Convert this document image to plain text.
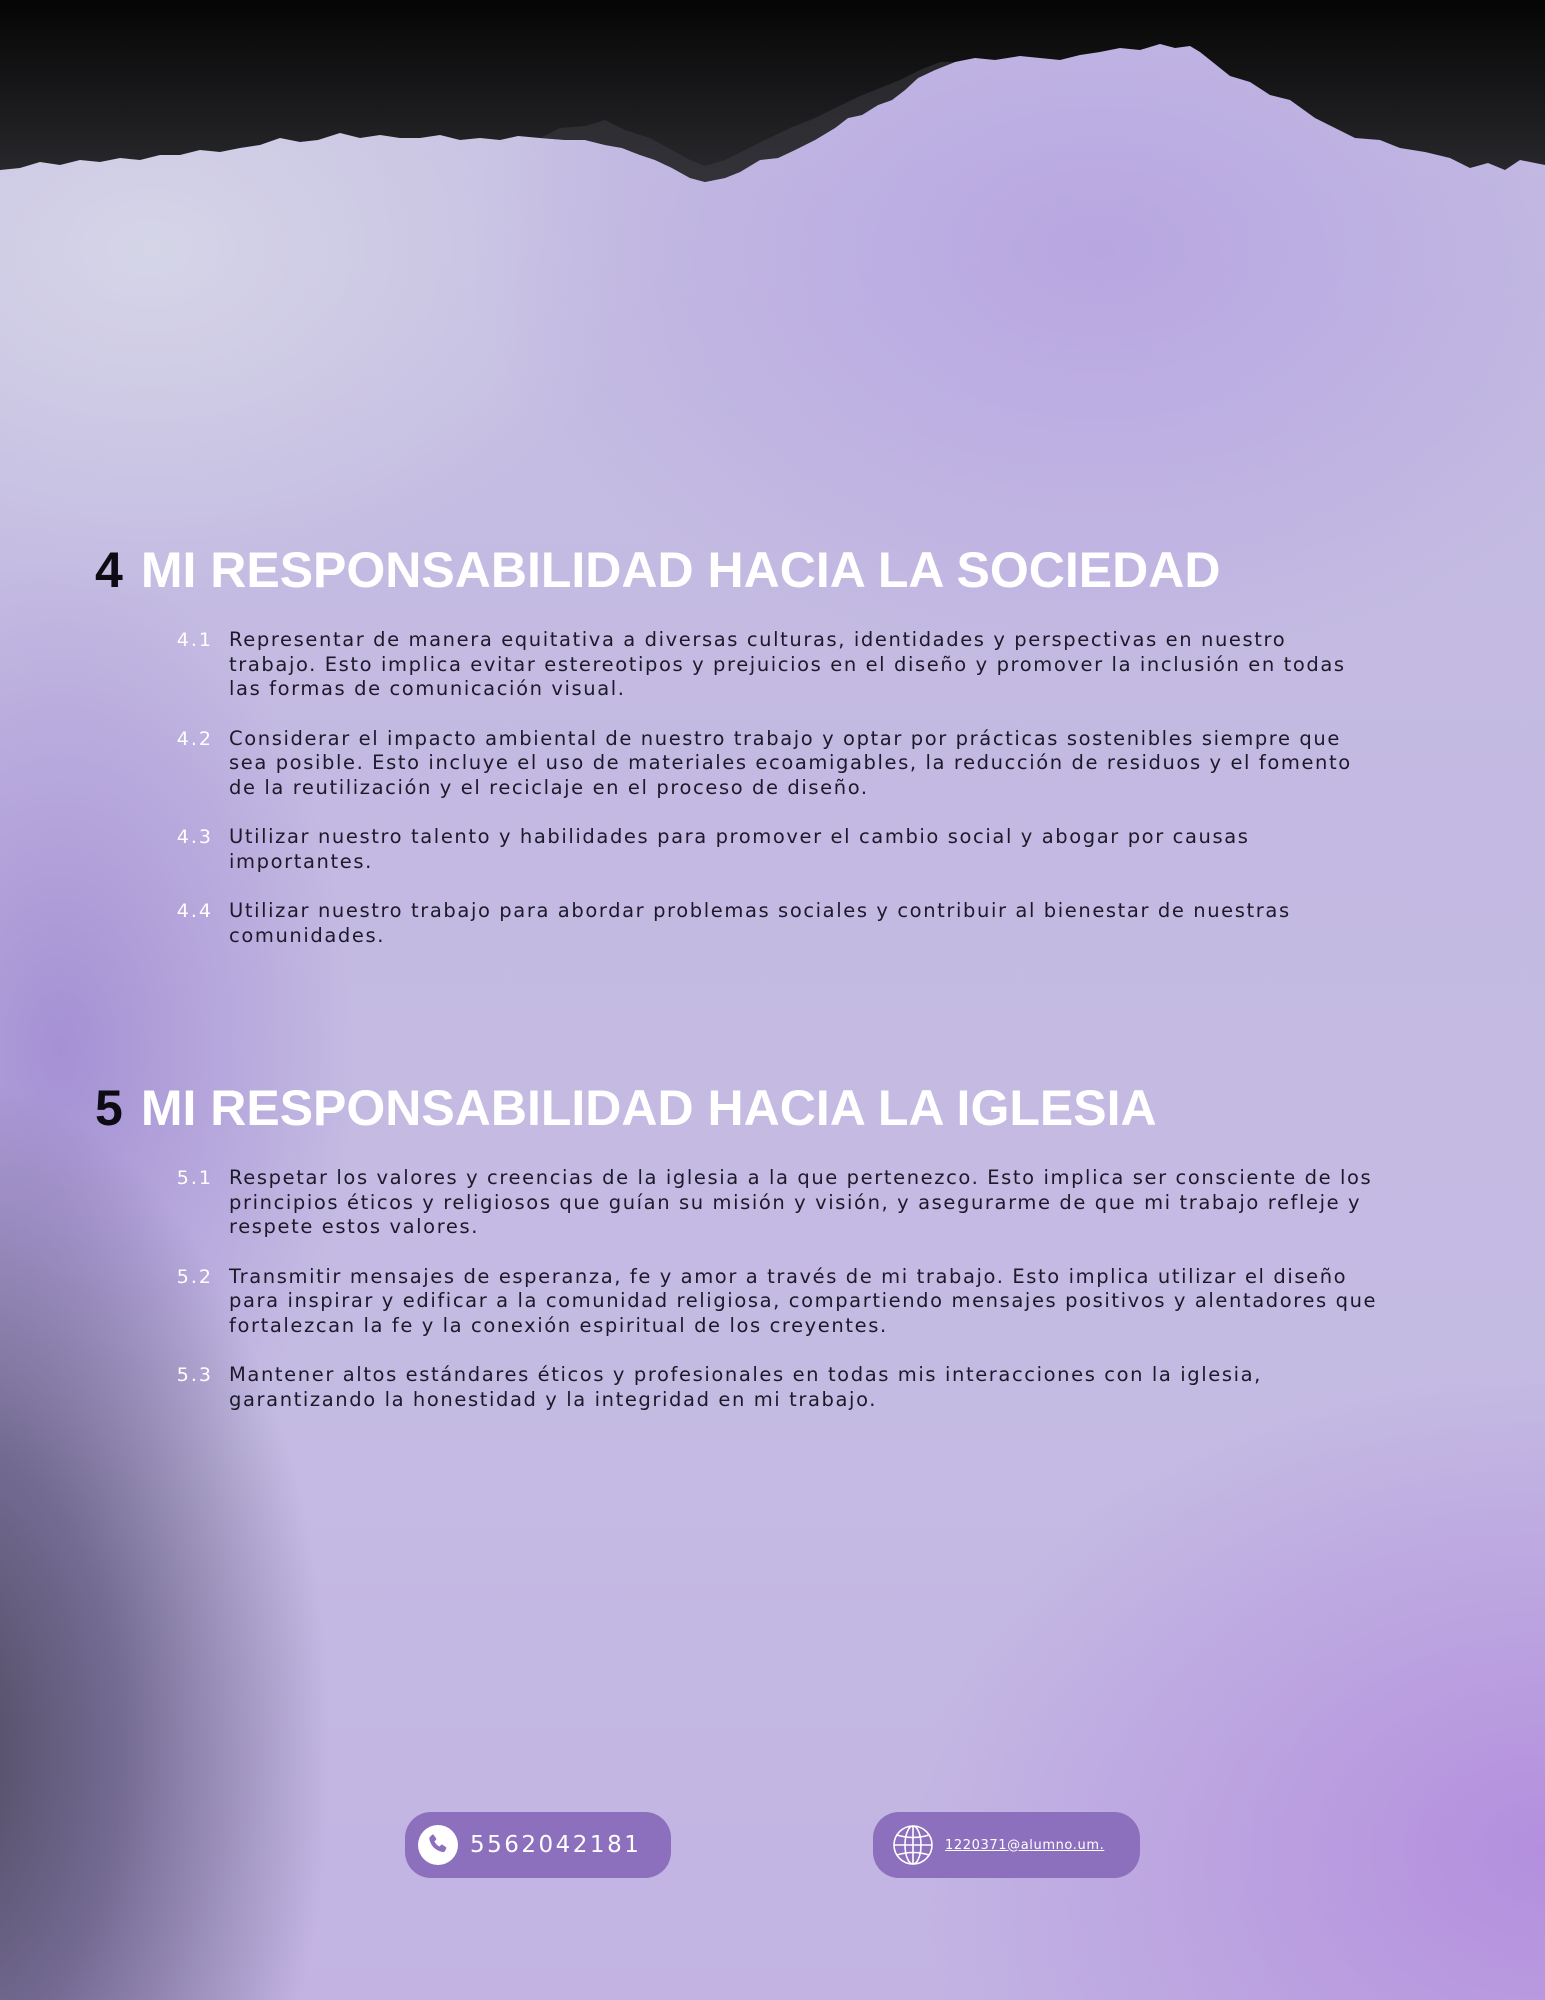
4 MI RESPONSABILIDAD HACIA LA SOCIEDAD
4.1 Representar de manera equitativa a diversas culturas, identidades y perspectivas en nuestro trabajo. Esto implica evitar estereotipos y prejuicios en el diseño y promover la inclusión en todas las formas de comunicación visual.
4.2 Considerar el impacto ambiental de nuestro trabajo y optar por prácticas sostenibles siempre que sea posible. Esto incluye el uso de materiales ecoamigables, la reducción de residuos y el fomento de la reutilización y el reciclaje en el proceso de diseño.
4.3 Utilizar nuestro talento y habilidades para promover el cambio social y abogar por causas importantes.
4.4 Utilizar nuestro trabajo para abordar problemas sociales y contribuir al bienestar de nuestras comunidades.
5 MI RESPONSABILIDAD HACIA LA IGLESIA
5.1 Respetar los valores y creencias de la iglesia a la que pertenezco. Esto implica ser consciente de los principios éticos y religiosos que guían su misión y visión, y asegurarme de que mi trabajo refleje y respete estos valores.
5.2 Transmitir mensajes de esperanza, fe y amor a través de mi trabajo. Esto implica utilizar el diseño para inspirar y edificar a la comunidad religiosa, compartiendo mensajes positivos y alentadores que fortalezcan la fe y la conexión espiritual de los creyentes.
5.3 Mantener altos estándares éticos y profesionales en todas mis interacciones con la iglesia, garantizando la honestidad y la integridad en mi trabajo.
5562042181	1220371@alumno.um.
